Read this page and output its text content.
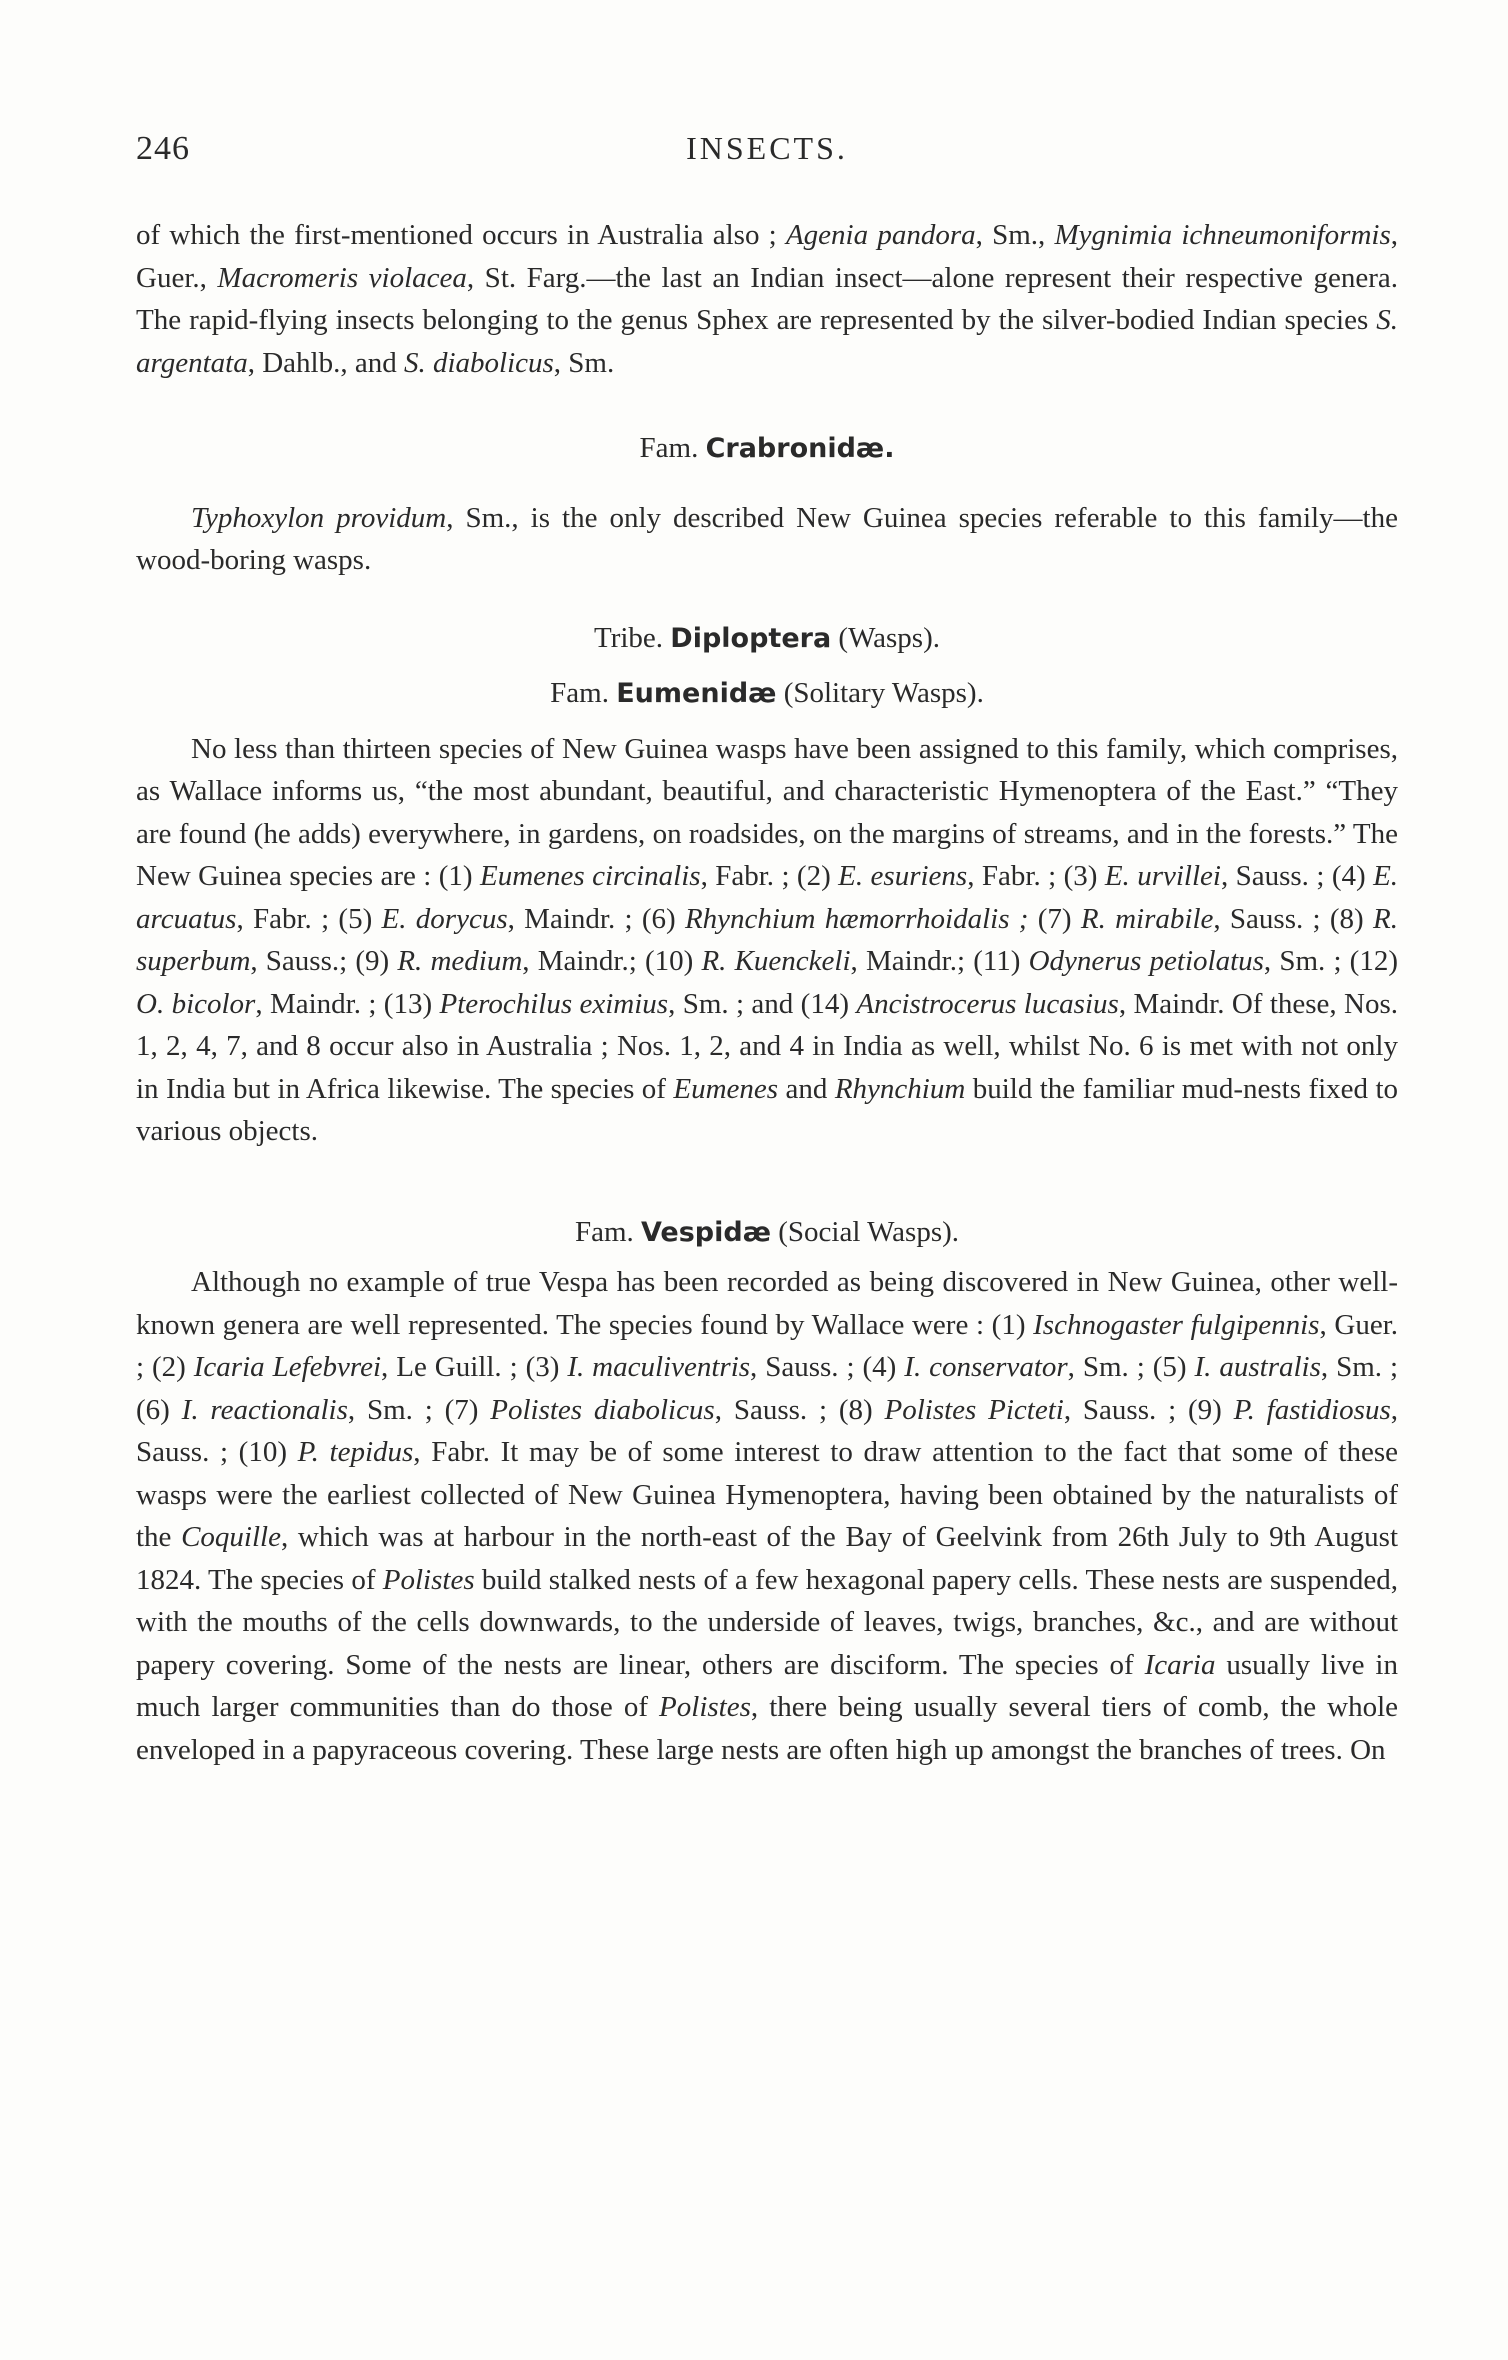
246	INSECTS.

of which the first-mentioned occurs in Australia also ; Agenia pandora, Sm., Mygnimia ichneumoniformis, Guer., Macromeris violacea, St. Farg.—the last an Indian insect—alone represent their respective genera. The rapid-flying insects belonging to the genus Sphex are represented by the silver-bodied Indian species S. argentata, Dahlb., and S. diabolicus, Sm.

Fam. Crabronidæ.

Typhoxylon providum, Sm., is the only described New Guinea species referable to this family—the wood-boring wasps.

Tribe. Diploptera (Wasps).
Fam. Eumenidæ (Solitary Wasps).

No less than thirteen species of New Guinea wasps have been assigned to this family, which comprises, as Wallace informs us, “the most abundant, beautiful, and characteristic Hymenoptera of the East.” “They are found (he adds) everywhere, in gardens, on roadsides, on the margins of streams, and in the forests.” The New Guinea species are : (1) Eumenes circinalis, Fabr. ; (2) E. esuriens, Fabr. ; (3) E. urvillei, Sauss. ; (4) E. arcuatus, Fabr. ; (5) E. dorycus, Maindr. ; (6) Rhynchium hæmorrhoidalis ; (7) R. mirabile, Sauss. ; (8) R. superbum, Sauss.; (9) R. medium, Maindr.; (10) R. Kuenckeli, Maindr.; (11) Odynerus petiolatus, Sm. ; (12) O. bicolor, Maindr. ; (13) Pterochilus eximius, Sm. ; and (14) Ancistrocerus lucasius, Maindr. Of these, Nos. 1, 2, 4, 7, and 8 occur also in Australia ; Nos. 1, 2, and 4 in India as well, whilst No. 6 is met with not only in India but in Africa likewise. The species of Eumenes and Rhynchium build the familiar mud-nests fixed to various objects.

Fam. Vespidæ (Social Wasps).

Although no example of true Vespa has been recorded as being discovered in New Guinea, other well-known genera are well represented. The species found by Wallace were : (1) Ischnogaster fulgipennis, Guer. ; (2) Icaria Lefebvrei, Le Guill. ; (3) I. maculiventris, Sauss. ; (4) I. conservator, Sm. ; (5) I. australis, Sm. ; (6) I. reactionalis, Sm. ; (7) Polistes diabolicus, Sauss. ; (8) Polistes Picteti, Sauss. ; (9) P. fastidiosus, Sauss. ; (10) P. tepidus, Fabr. It may be of some interest to draw attention to the fact that some of these wasps were the earliest collected of New Guinea Hymenoptera, having been obtained by the naturalists of the Coquille, which was at harbour in the north-east of the Bay of Geelvink from 26th July to 9th August 1824. The species of Polistes build stalked nests of a few hexagonal papery cells. These nests are suspended, with the mouths of the cells downwards, to the underside of leaves, twigs, branches, &c., and are without papery covering. Some of the nests are linear, others are disciform. The species of Icaria usually live in much larger communities than do those of Polistes, there being usually several tiers of comb, the whole enveloped in a papyraceous covering. These large nests are often high up amongst the branches of trees. On
